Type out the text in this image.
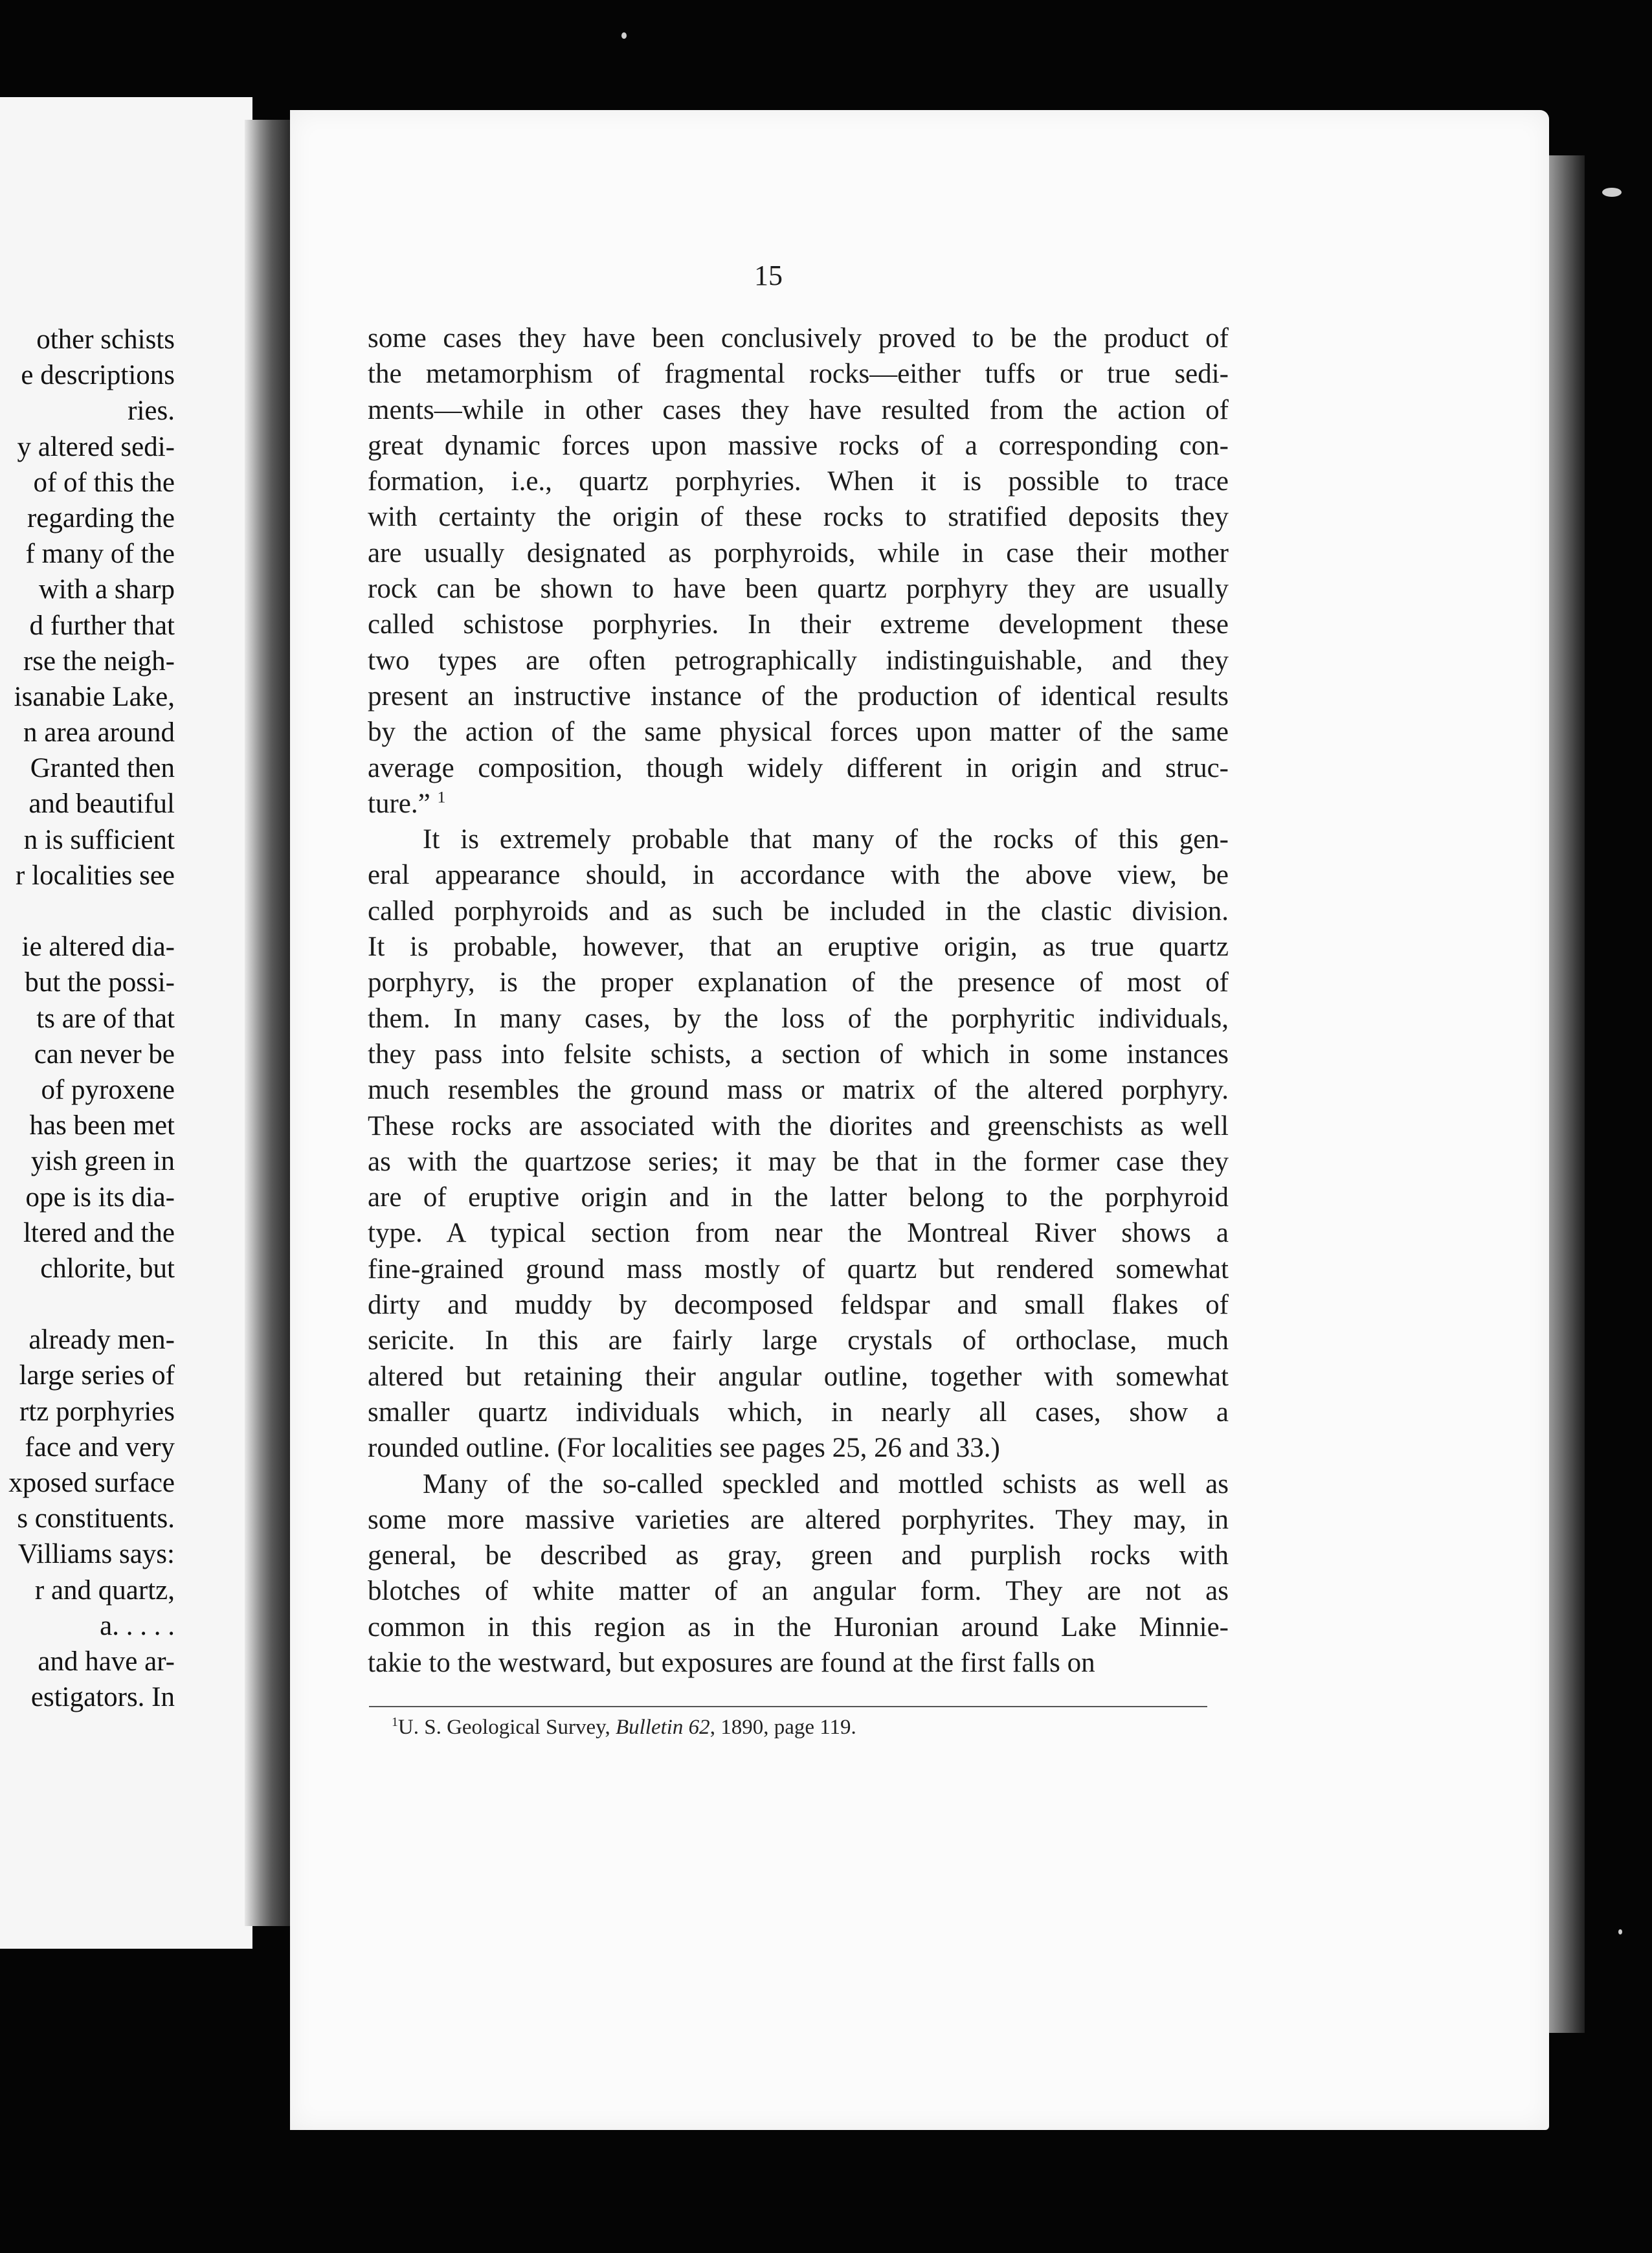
other schists
e descriptions
ries.
y altered sedi-
of of this the
regarding the
f many of the
with a sharp
d further that
rse the neigh-
isanabie Lake,
n area around
Granted then
and beautiful
n is sufficient
r localities see
ie altered dia-
but the possi-
ts are of that
can never be
of pyroxene
has been met
yish green in
ope is its dia-
ltered and the
chlorite, but
already men-
large series of
rtz porphyries
face and very
xposed surface
s constituents.
Villiams says:
r and quartz,
a. . . . .
and have ar-
estigators. In
15
some cases they have been conclusively proved to be the product of
the metamorphism of fragmental rocks—either tuffs or true sedi-
ments—while in other cases they have resulted from the action of
great dynamic forces upon massive rocks of a corresponding con-
formation, i.e., quartz porphyries. When it is possible to trace
with certainty the origin of these rocks to stratified deposits they
are usually designated as porphyroids, while in case their mother
rock can be shown to have been quartz porphyry they are usually
called schistose porphyries. In their extreme development these
two types are often petrographically indistinguishable, and they
present an instructive instance of the production of identical results
by the action of the same physical forces upon matter of the same
average composition, though widely different in origin and struc-
ture.” $^1$
It is extremely probable that many of the rocks of this gen-
eral appearance should, in accordance with the above view, be
called porphyroids and as such be included in the clastic division.
It is probable, however, that an eruptive origin, as true quartz
porphyry, is the proper explanation of the presence of most of
them. In many cases, by the loss of the porphyritic individuals,
they pass into felsite schists, a section of which in some instances
much resembles the ground mass or matrix of the altered porphyry.
These rocks are associated with the diorites and greenschists as well
as with the quartzose series; it may be that in the former case they
are of eruptive origin and in the latter belong to the porphyroid
type. A typical section from near the Montreal River shows a
fine-grained ground mass mostly of quartz but rendered somewhat
dirty and muddy by decomposed feldspar and small flakes of
sericite. In this are fairly large crystals of orthoclase, much
altered but retaining their angular outline, together with somewhat
smaller quartz individuals which, in nearly all cases, show a
rounded outline. (For localities see pages 25, 26 and 33.)
Many of the so-called speckled and mottled schists as well as
some more massive varieties are altered porphyrites. They may, in
general, be described as gray, green and purplish rocks with
blotches of white matter of an angular form. They are not as
common in this region as in the Huronian around Lake Minnie-
takie to the westward, but exposures are found at the first falls on
$^1$U. S. Geological Survey, Bulletin 62, 1890, page 119.
